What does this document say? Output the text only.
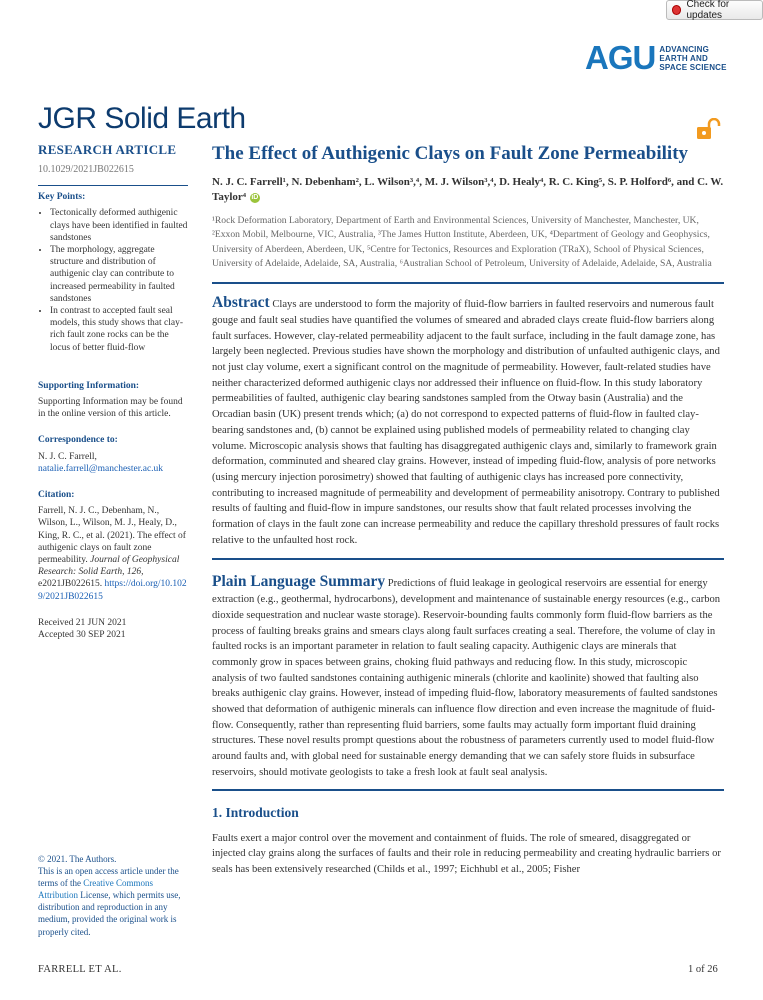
Check for updates
AGU ADVANCING
EARTH AND
SPACE SCIENCE
JGR Solid Earth
RESEARCH ARTICLE
10.1029/2021JB022615
Key Points:
• Tectonically deformed authigenic clays have been identified in faulted sandstones
• The morphology, aggregate structure and distribution of authigenic clay can contribute to increased permeability in faulted sandstones
• In contrast to accepted fault seal models, this study shows that clay-rich fault zone rocks can be the locus of better fluid-flow
Supporting Information:
Supporting Information may be found in the online version of this article.
Correspondence to:
N. J. C. Farrell,
natalie.farrell@manchester.ac.uk
Citation:
Farrell, N. J. C., Debenham, N., Wilson, L., Wilson, M. J., Healy, D., King, R. C., et al. (2021). The effect of authigenic clays on fault zone permeability. Journal of Geophysical Research: Solid Earth, 126, e2021JB022615. https://doi.org/10.1029/2021JB022615
Received 21 JUN 2021
Accepted 30 SEP 2021
© 2021. The Authors.
This is an open access article under the terms of the Creative Commons Attribution License, which permits use, distribution and reproduction in any medium, provided the original work is properly cited.
The Effect of Authigenic Clays on Fault Zone Permeability
N. J. C. Farrell¹, N. Debenham², L. Wilson³,⁴, M. J. Wilson³,⁴, D. Healy⁴, R. C. King⁵, S. P. Holford⁶, and C. W. Taylor⁴ iD
¹Rock Deformation Laboratory, Department of Earth and Environmental Sciences, University of Manchester, Manchester, UK, ²Exxon Mobil, Melbourne, VIC, Australia, ³The James Hutton Institute, Aberdeen, UK, ⁴Department of Geology and Geophysics, University of Aberdeen, Aberdeen, UK, ⁵Centre for Tectonics, Resources and Exploration (TRaX), School of Physical Sciences, University of Adelaide, Adelaide, SA, Australia, ⁶Australian School of Petroleum, University of Adelaide, Adelaide, SA, Australia
Abstract Clays are understood to form the majority of fluid-flow barriers in faulted reservoirs and numerous fault gouge and fault seal studies have quantified the volumes of smeared and abraded clays create fluid-flow barriers along fault surfaces. However, clay-related permeability adjacent to the fault surface, including in the fault damage zone, has largely been neglected. Previous studies have shown the morphology and distribution of unfaulted authigenic clays, and not just clay volume, exert a significant control on the magnitude of permeability. However, fault-related studies have neither characterized deformed authigenic clays nor addressed their influence on fluid-flow. In this study laboratory permeabilities of faulted, authigenic clay bearing sandstones sampled from the Otway basin (Australia) and the Orcadian basin (UK) present trends which; (a) do not correspond to expected patterns of fluid-flow in faulted clay-bearing sandstones and, (b) cannot be explained using published models of permeability related to changing clay volume. Microscopic analysis shows that faulting has disaggregated authigenic clays and, similarly to framework grain deformation, comminuted and sheared clay grains. However, instead of impeding fluid-flow, analysis of pore networks (using mercury injection porosimetry) showed that faulting of authigenic clays has increased pore connectivity, contributing to increased magnitude of permeability and development of permeability anisotropy. Contrary to published results of faulting and fluid-flow in impure sandstones, our results show that fault related processes involving the formation of clays in the fault zone can increase permeability and reduce the capillary threshold pressures of fault rocks relative to the unfaulted host rock.
Plain Language Summary Predictions of fluid leakage in geological reservoirs are essential for energy extraction (e.g., geothermal, hydrocarbons), development and maintenance of sustainable energy resources (e.g., carbon dioxide sequestration and nuclear waste storage). Reservoir-bounding faults commonly form fluid-flow barriers as the process of faulting breaks grains and smears clays along fault surfaces creating a seal. Therefore, the volume of clay in faulted rocks is an important parameter in relation to fault sealing capacity. Authigenic clays are minerals that commonly grow in spaces between grains, choking fluid pathways and reducing flow. In this study, microscopic analysis of two faulted sandstones containing authigenic minerals (chlorite and kaolinite) showed that faulting also breaks authigenic clay grains. However, instead of impeding fluid-flow, laboratory measurements of faulted sandstones showed that deformation of authigenic minerals can influence flow direction and even increase the magnitude of fluid-flow. Consequently, rather than representing fluid barriers, some faults may actually form important fluid draining structures. These novel results prompt questions about the robustness of parameters currently used to model fluid-flow around faults and, with global need for sustainable energy demanding that we can safely store fluids in subsurface reservoirs, should motivate geologists to take a fresh look at fault seal analysis.
1. Introduction
Faults exert a major control over the movement and containment of fluids. The role of smeared, disaggregated or injected clay grains along the surfaces of faults and their role in reducing permeability and creating hydraulic barriers or seals has been extensively researched (Childs et al., 1997; Eichhubl et al., 2005; Fisher
FARRELL ET AL.	1 of 26
